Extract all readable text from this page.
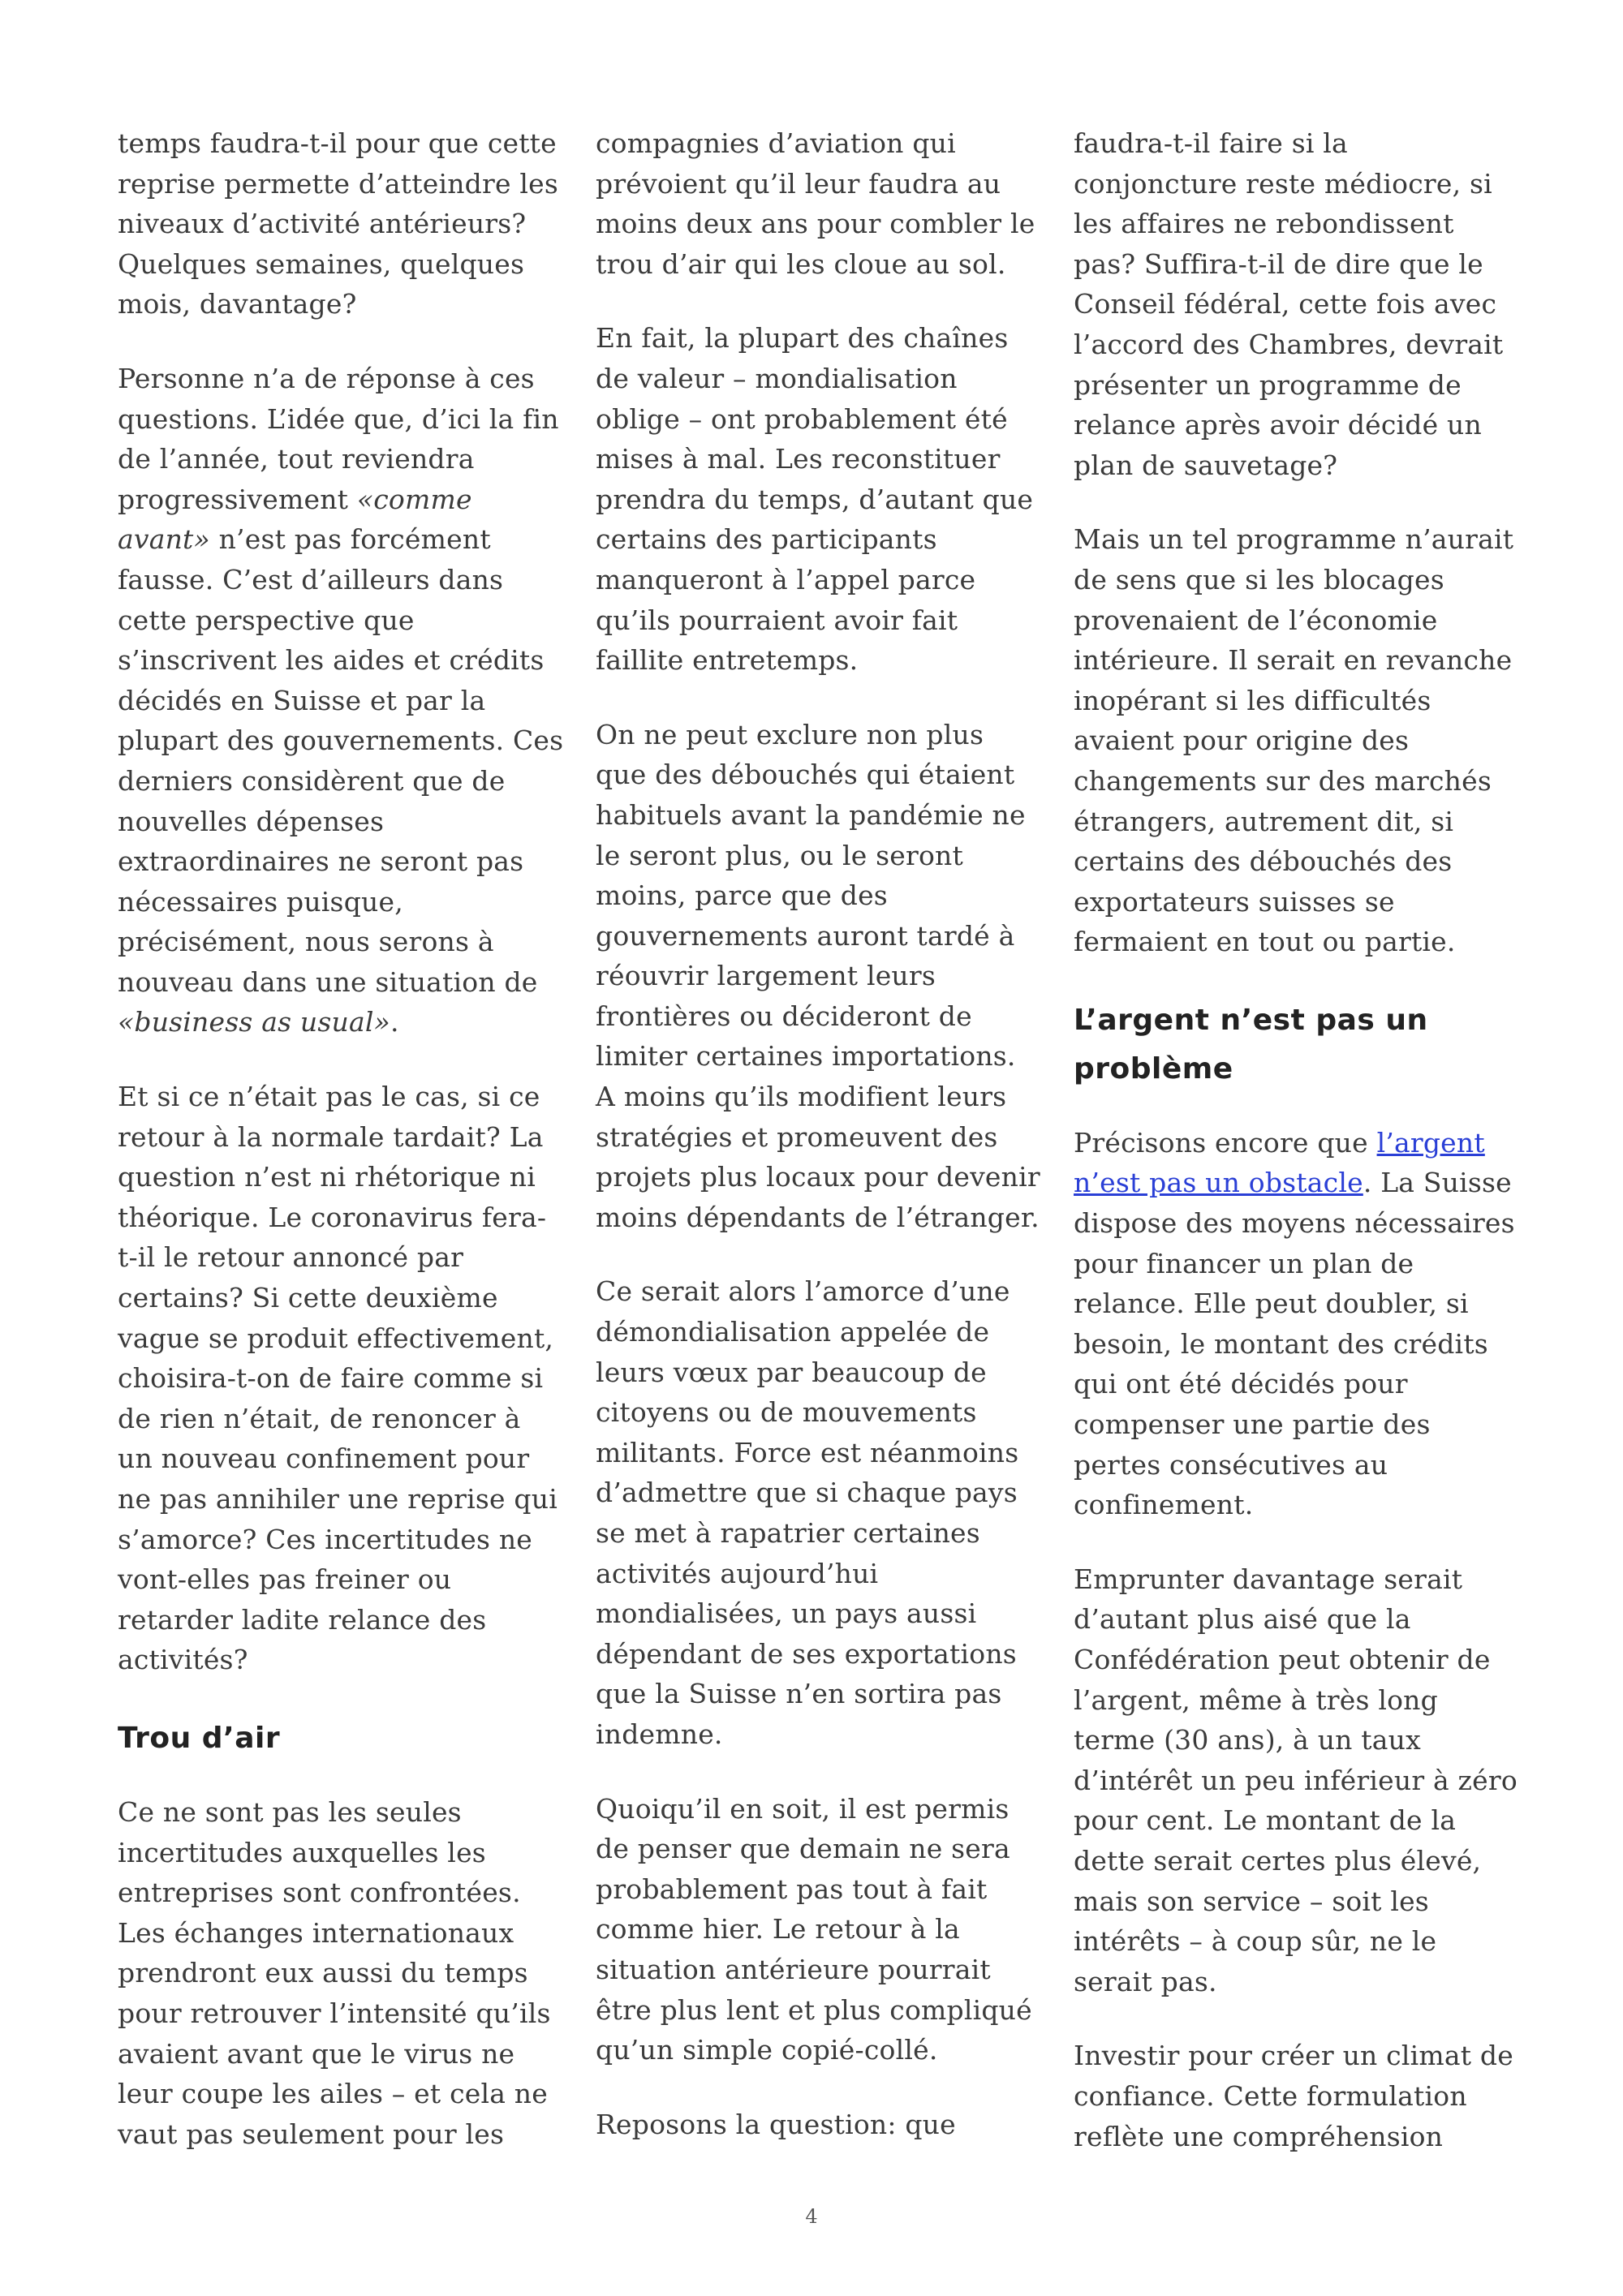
temps faudra-t-il pour que cette reprise permette d’atteindre les niveaux d’activité antérieurs? Quelques semaines, quelques mois, davantage?

Personne n’a de réponse à ces questions. L’idée que, d’ici la fin de l’année, tout reviendra progressivement «comme avant» n’est pas forcément fausse. C’est d’ailleurs dans cette perspective que s’inscrivent les aides et crédits décidés en Suisse et par la plupart des gouvernements. Ces derniers considèrent que de nouvelles dépenses extraordinaires ne seront pas nécessaires puisque, précisément, nous serons à nouveau dans une situation de «business as usual».

Et si ce n’était pas le cas, si ce retour à la normale tardait? La question n’est ni rhétorique ni théorique. Le coronavirus fera-t-il le retour annoncé par certains? Si cette deuxième vague se produit effectivement, choisira-t-on de faire comme si de rien n’était, de renoncer à un nouveau confinement pour ne pas annihiler une reprise qui s’amorce? Ces incertitudes ne vont-elles pas freiner ou retarder ladite relance des activités?

Trou d’air

Ce ne sont pas les seules incertitudes auxquelles les entreprises sont confrontées. Les échanges internationaux prendront eux aussi du temps pour retrouver l’intensité qu’ils avaient avant que le virus ne leur coupe les ailes – et cela ne vaut pas seulement pour les

compagnies d’aviation qui prévoient qu’il leur faudra au moins deux ans pour combler le trou d’air qui les cloue au sol.

En fait, la plupart des chaînes de valeur – mondialisation oblige – ont probablement été mises à mal. Les reconstituer prendra du temps, d’autant que certains des participants manqueront à l’appel parce qu’ils pourraient avoir fait faillite entretemps.

On ne peut exclure non plus que des débouchés qui étaient habituels avant la pandémie ne le seront plus, ou le seront moins, parce que des gouvernements auront tardé à réouvrir largement leurs frontières ou décideront de limiter certaines importations. A moins qu’ils modifient leurs stratégies et promeuvent des projets plus locaux pour devenir moins dépendants de l’étranger.

Ce serait alors l’amorce d’une démondialisation appelée de leurs vœux par beaucoup de citoyens ou de mouvements militants. Force est néanmoins d’admettre que si chaque pays se met à rapatrier certaines activités aujourd’hui mondialisées, un pays aussi dépendant de ses exportations que la Suisse n’en sortira pas indemne.

Quoiqu’il en soit, il est permis de penser que demain ne sera probablement pas tout à fait comme hier. Le retour à la situation antérieure pourrait être plus lent et plus compliqué qu’un simple copié-collé.

Reposons la question: que

faudra-t-il faire si la conjoncture reste médiocre, si les affaires ne rebondissent pas? Suffira-t-il de dire que le Conseil fédéral, cette fois avec l’accord des Chambres, devrait présenter un programme de relance après avoir décidé un plan de sauvetage?

Mais un tel programme n’aurait de sens que si les blocages provenaient de l’économie intérieure. Il serait en revanche inopérant si les difficultés avaient pour origine des changements sur des marchés étrangers, autrement dit, si certains des débouchés des exportateurs suisses se fermaient en tout ou partie.

L’argent n’est pas un problème

Précisons encore que l’argent n’est pas un obstacle. La Suisse dispose des moyens nécessaires pour financer un plan de relance. Elle peut doubler, si besoin, le montant des crédits qui ont été décidés pour compenser une partie des pertes consécutives au confinement.

Emprunter davantage serait d’autant plus aisé que la Confédération peut obtenir de l’argent, même à très long terme (30 ans), à un taux d’intérêt un peu inférieur à zéro pour cent. Le montant de la dette serait certes plus élevé, mais son service – soit les intérêts – à coup sûr, ne le serait pas.

Investir pour créer un climat de confiance. Cette formulation reflète une compréhension

4
